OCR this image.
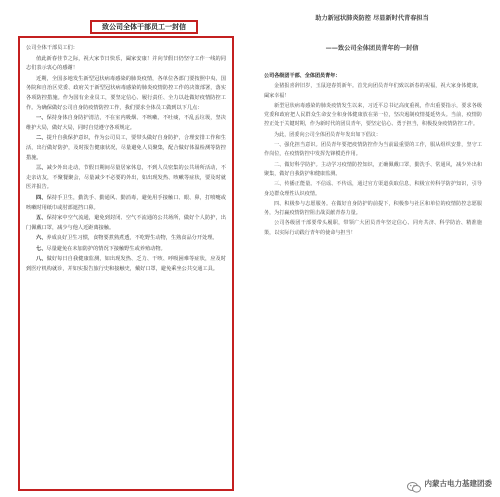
致公司全体干部员工一封信

公司全体干部员工们：

值此新春佳节之际，祝大家节日快乐，阖家安康！并向节假日仍坚守工作一线的同志们表示衷心的感谢！

近期，全国多地发生新型冠状病毒感染的肺炎疫情，各单位各部门要按照中央、国务院和自治区党委、政府关于新型冠状病毒感染的肺炎疫情防控工作的决策部署，落实各项防控措施。作为国有企业员工，要坚定信心、履行责任、全力以赴做好疫情防控工作。为确保做好公司自身防疫情防控工作，我们要求全体员工做到以下几点：

一、保持身体自身防护清洁，不在室内吸烟、不咳嗽、不吐痰，不乱丢垃圾，坚决维护大局，做好大局，同时自觉遵守各项规定。

二、提升自我保护意识，作为公司员工，要带头做好自身防护，合理安排工作和生活，出行做好防护，及时报告健康状况，尽量避免人员聚集，配合做好体温检测等防控措施。

三、减少外出走动，节假日期间尽量居家休息，不到人员密集的公共场所活动，不走亲访友，不聚餐聚会，尽量减少不必要的外出，如出现发热、咳嗽等症状，要及时就医并报告。

四、保持手卫生，勤洗手、勤通风、勤消毒，避免用手接触口、眼、鼻，打喷嚏或咳嗽时用纸巾或肘部遮挡口鼻。

五、保持家中空气流通，避免到封闭、空气不流通的公共场所，做好个人防护，出门佩戴口罩，减少与他人近距离接触。

六、养成良好卫生习惯，食物要煮熟煮透，不吃野生动物，生熟食品分开处理。

七、尽量避免在未加防护的情况下接触野生或养殖动物。

八、做好每日自我健康监测，如出现发热、乏力、干咳、呼吸困难等症状，应及时到医疗机构就诊，并如实报告旅行史和接触史，戴好口罩，避免乘坐公共交通工具。

助力新冠状肺炎防控 尽显新时代青春担当
——致公司全体团员青年的一封信

公司各级团干部、全体团员青年：

金猪报喜辞旧岁，玉鼠迎春贺新年。首先向团员青年们致以新春的祝福，祝大家身体健康，阖家幸福！

新型冠状病毒感染的肺炎疫情发生以来，习近平总书记高度重视，作出重要指示，要求各级党委和政府把人民群众生命安全和身体健康放在第一位，坚决遏制疫情蔓延势头。当前，疫情防控正处于关键时期，作为新时代的团员青年，要坚定信心、勇于担当，积极投身疫情防控工作。

为此，团委向公司全体团员青年发出如下倡议：

一、强化担当意识。团员青年要把疫情防控作为当前最重要的工作，服从组织安排，坚守工作岗位，在疫情防控中发挥先锋模范作用。

二、做好科学防护。主动学习疫情防控知识，正确佩戴口罩，勤洗手、常通风，减少外出和聚集，做好自我防护和健康监测。

三、传播正能量。不信谣、不传谣，通过官方渠道获取信息，积极宣传科学防护知识，引导身边群众理性认识疫情。

四、积极参与志愿服务。在做好自身防护的前提下，积极参与社区和单位的疫情防控志愿服务，为打赢疫情防控阻击战贡献青春力量。

公司各级团干部要带头履职，带领广大团员青年坚定信心、同舟共济、科学防治、精准施策，以实际行动践行青年的使命与担当！

内蒙古电力基建团委
